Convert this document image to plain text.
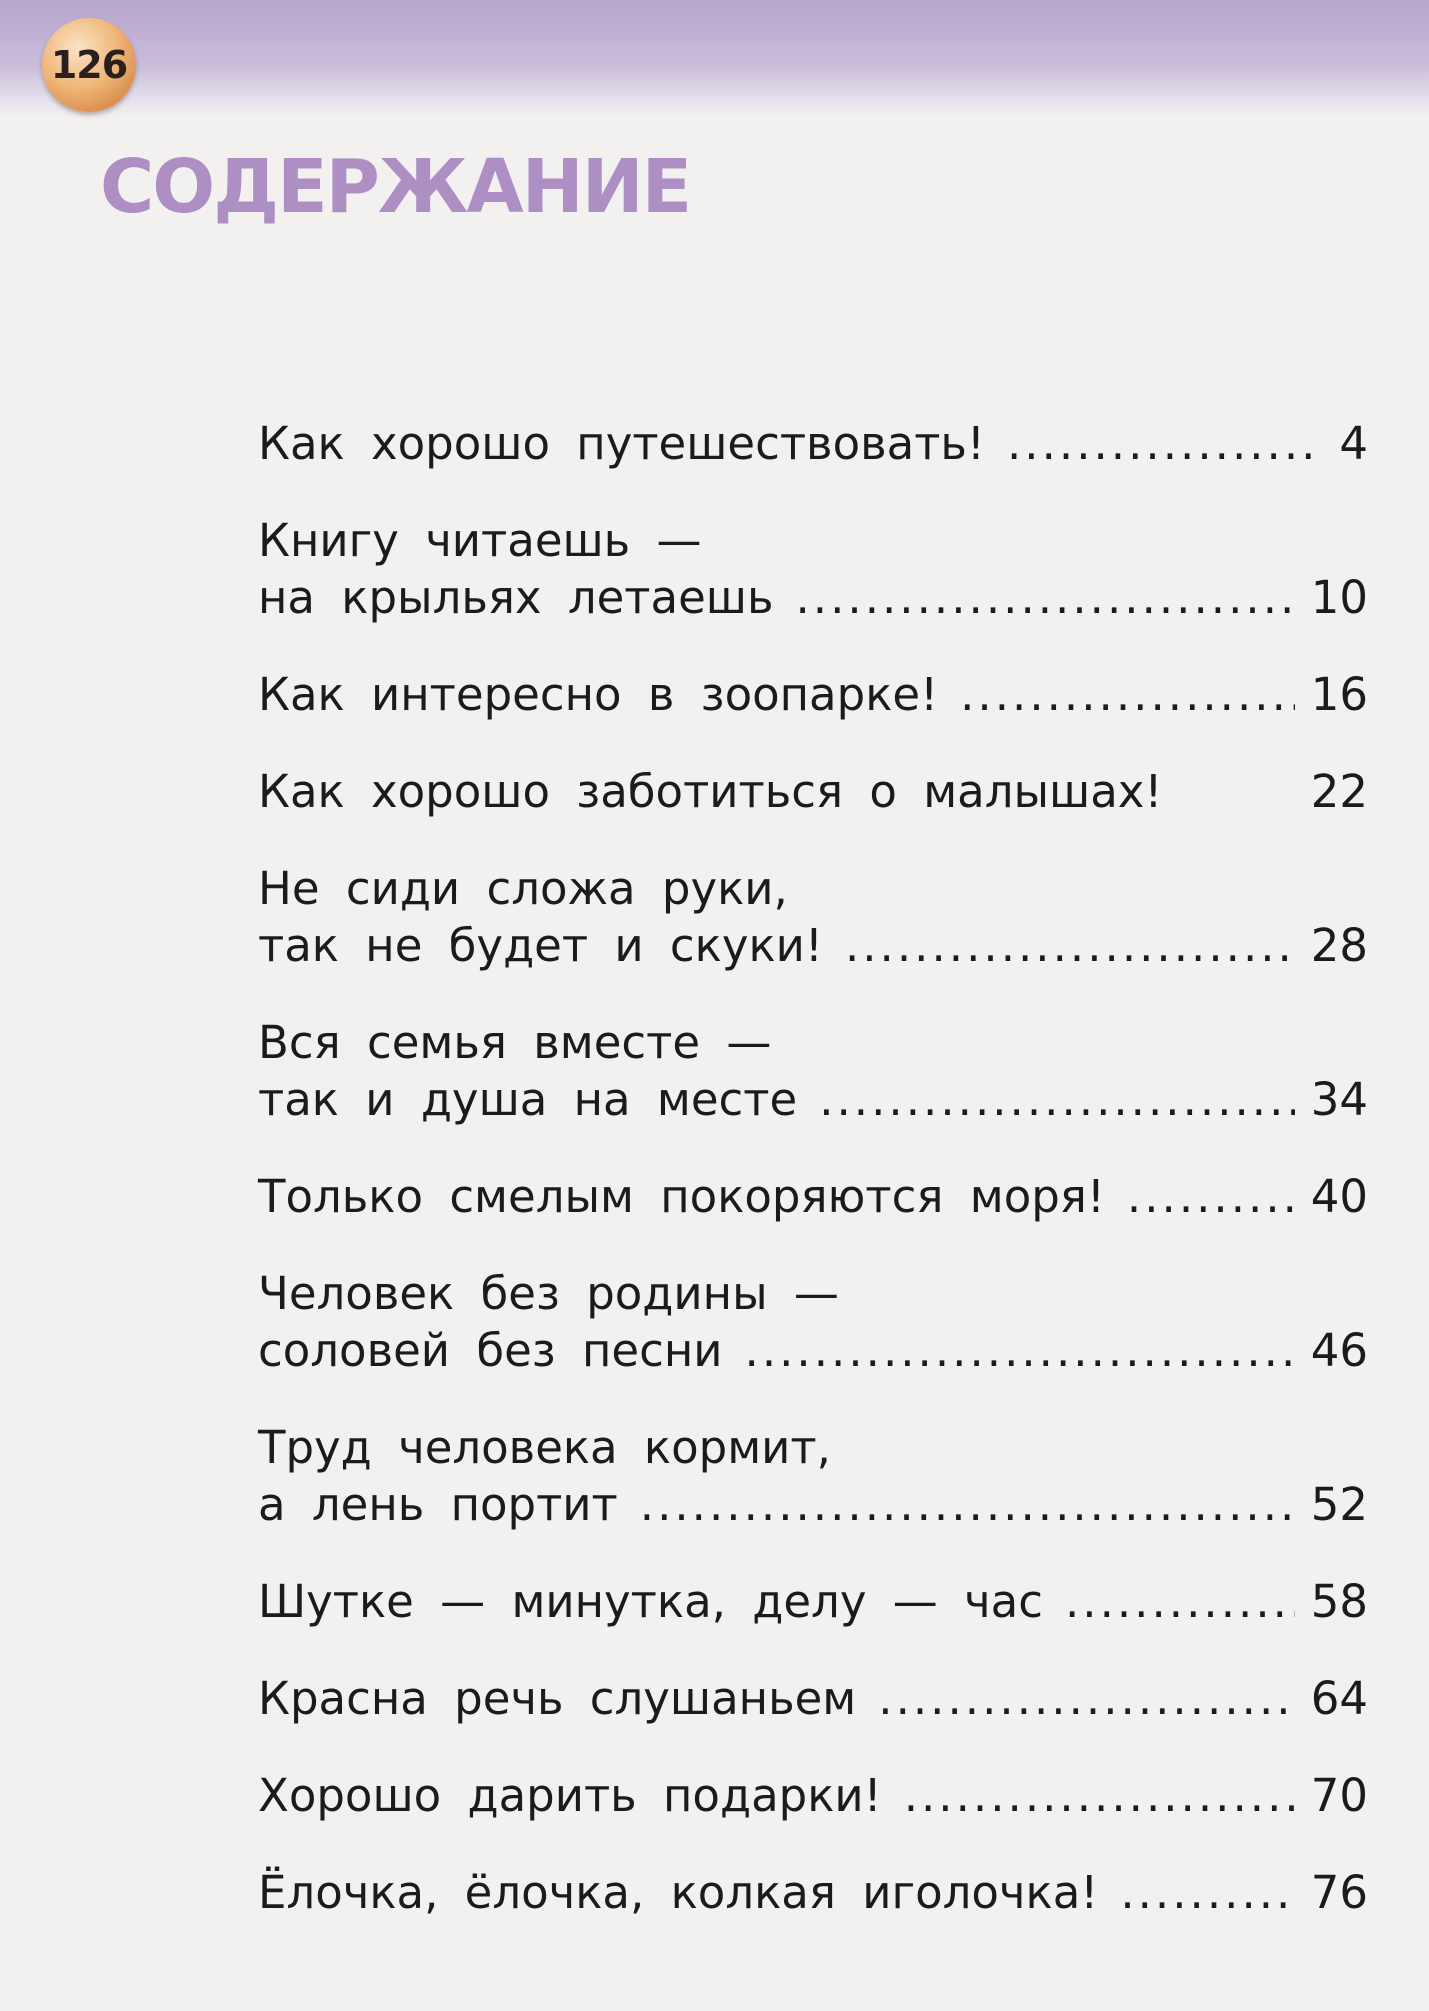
126
СОДЕРЖАНИЕ
Как хорошо путешествовать! .....	4
Книгу читаешь —
на крыльях летаешь .....	10
Как интересно в зоопарке! .....	16
Как хорошо заботиться о малышах!	22
Не сиди сложа руки,
так не будет и скуки! .....	28
Вся семья вместе —
так и душа на месте .....	34
Только смелым покоряются моря! .....	40
Человек без родины —
соловей без песни .....	46
Труд человека кормит,
а лень портит .....	52
Шутке — минутка, делу — час .....	58
Красна речь слушаньем .....	64
Хорошо дарить подарки! .....	70
Ёлочка, ёлочка, колкая иголочка! .....	76
